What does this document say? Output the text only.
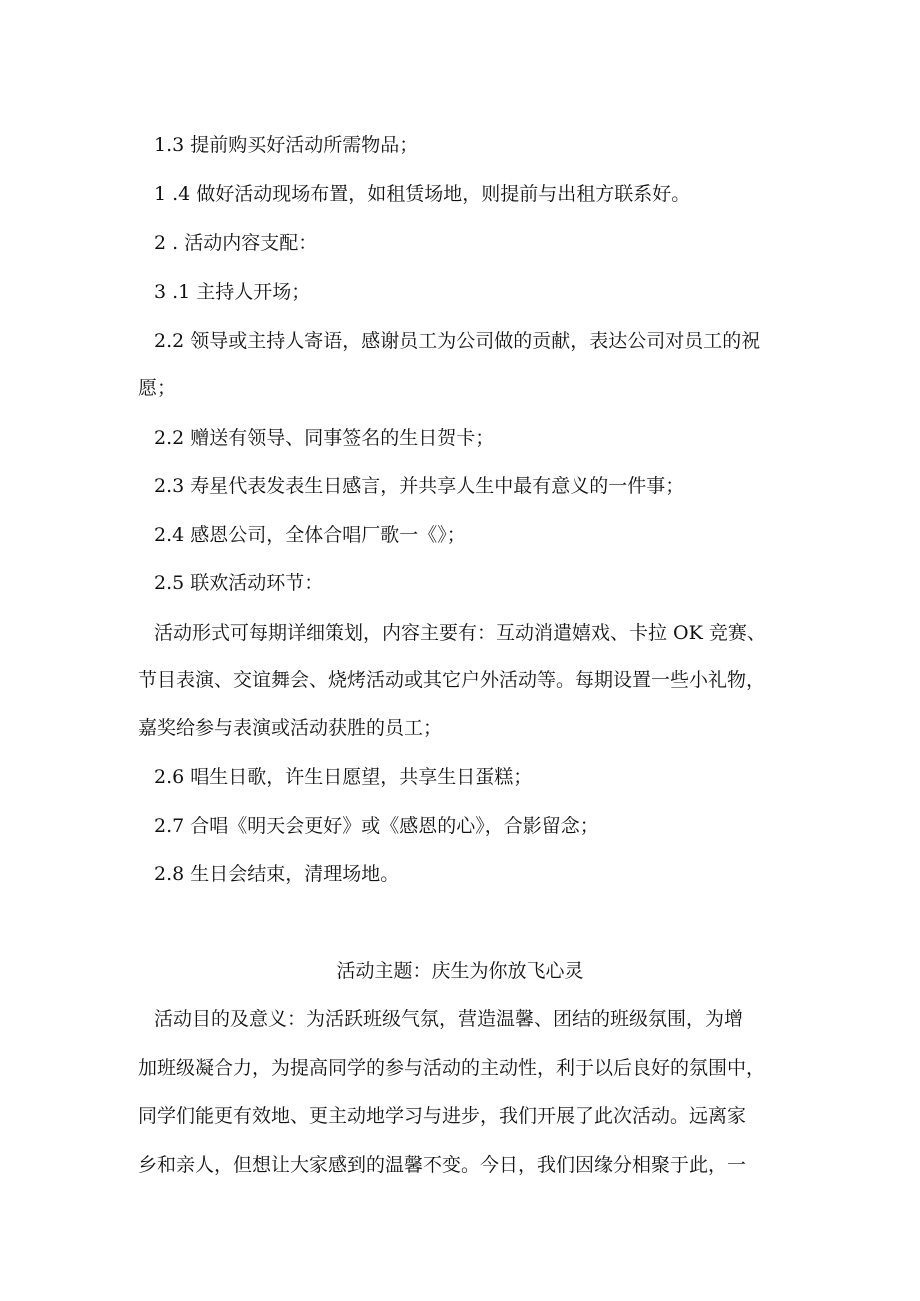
1.3 提前购买好活动所需物品；
1 .4 做好活动现场布置，如租赁场地，则提前与出租方联系好。
2 . 活动内容支配：
3 .1 主持人开场；
2.2 领导或主持人寄语，感谢员工为公司做的贡献，表达公司对员工的祝
愿；
2.2 赠送有领导、同事签名的生日贺卡；
2.3 寿星代表发表生日感言，并共享人生中最有意义的一件事；
2.4 感恩公司，全体合唱厂歌一《》；
2.5 联欢活动环节：
活动形式可每期详细策划，内容主要有：互动消遣嬉戏、卡拉 OK 竞赛、
节目表演、交谊舞会、烧烤活动或其它户外活动等。每期设置一些小礼物，
嘉奖给参与表演或活动获胜的员工；
2.6 唱生日歌，许生日愿望，共享生日蛋糕；
2.7 合唱《明天会更好》或《感恩的心》，合影留念；
2.8 生日会结束，清理场地。
活动主题：庆生为你放飞心灵
活动目的及意义：为活跃班级气氛，营造温馨、团结的班级氛围，为增
加班级凝合力，为提高同学的参与活动的主动性，利于以后良好的氛围中，
同学们能更有效地、更主动地学习与进步，我们开展了此次活动。远离家
乡和亲人，但想让大家感到的温馨不变。今日，我们因缘分相聚于此，一
